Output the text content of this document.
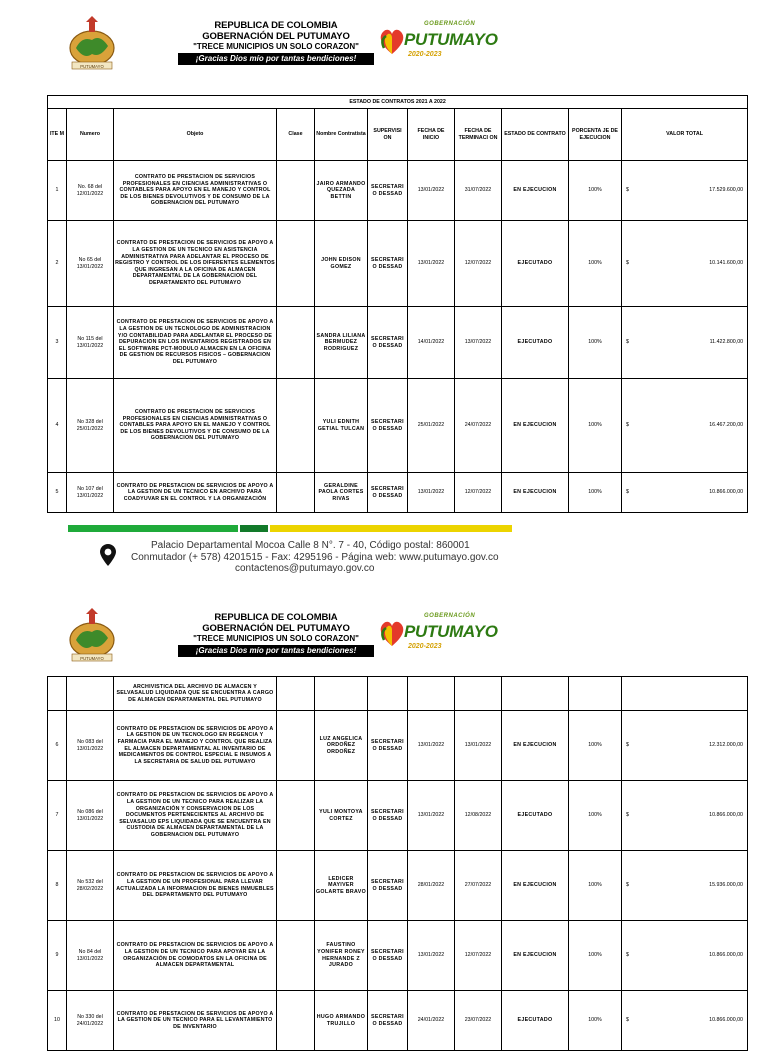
PUTUMAYO
REPUBLICA DE COLOMBIA
GOBERNACIÓN DEL PUTUMAYO
"TRECE MUNICIPIOS UN SOLO CORAZON"
¡Gracias Dios mío por tantas bendiciones!
GOBERNACIÓN
PUTUMAYO
2020-2023
ESTADO DE CONTRATOS 2021 A 2022										
ITE M	Numero	Objeto	Clase	Nombre Contratista	SUPERVISI ON	FECHA DE INICIO	FECHA DE TERMINACI ON	ESTADO DE CONTRATO	PORCENTA JE DE EJECUCION	VALOR TOTAL
1	No. 68 del 12/01/2022	CONTRATO DE PRESTACION DE SERVICIOS PROFESIONALES EN CIENCIAS ADMINISTRATIVAS O CONTABLES PARA APOYO EN EL MANEJO Y CONTROL DE LOS BIENES DEVOLUTIVOS Y DE CONSUMO DE LA GOBERNACION DEL PUTUMAYO		JAIRO ARMANDO QUEZADA BETTIN	SECRETARI O DESSAD	13/01/2022	31/07/2022	EN EJECUCION	100%	$ 17.529.600,00

2	No 65 del 13/01/2022	CONTRATO DE PRESTACION DE SERVICIOS DE APOYO A LA GESTION DE UN TECNICO EN ASISTENCIA ADMINISTRATIVA PARA ADELANTAR EL PROCESO DE REGISTRO Y CONTROL DE LOS DIFERENTES ELEMENTOS QUE INGRESAN A LA OFICINA DE ALMACEN DEPARTAMENTAL DE LA GOBERNACION DEL DEPARTAMENTO DEL PUTUMAYO		JOHN EDISON GOMEZ	SECRETARI O DESSAD	13/01/2022	12/07/2022	EJECUTADO	100%	$ 10.141.600,00

3	No 115 del 13/01/2022	CONTRATO DE PRESTACION DE SERVICIOS DE APOYO A LA GESTION DE UN TECNOLOGO DE ADMINISTRACION Y/O CONTABILIDAD PARA ADELANTAR EL PROCESO DE DEPURACION EN LOS INVENTARIOS REGISTRADOS EN EL SOFTWARE PCT-MODULO ALMACEN EN LA OFICINA DE GESTION DE RECURSOS FISICOS – GOBERNACION DEL PUTUMAYO		SANDRA LILIANA BERMUDEZ RODRIGUEZ	SECRETARI O DESSAD	14/01/2022	13/07/2022	EJECUTADO	100%	$ 11.422.800,00

4	No 328 del 25/01/2022	CONTRATO DE PRESTACION DE SERVICIOS PROFESIONALES EN CIENCIAS ADMINISTRATIVAS O CONTABLES PARA APOYO EN EL MANEJO Y CONTROL DE LOS BIENES DEVOLUTIVOS Y DE CONSUMO DE LA GOBERNACION DEL PUTUMAYO		YULI EDNITH GETIAL TULCAN	SECRETARI O DESSAD	25/01/2022	24/07/2022	EN EJECUCION	100%	$ 16.467.200,00

5	No 107 del 13/01/2022	CONTRATO DE PRESTACION DE SERVICIOS DE APOYO A LA GESTION DE UN TECNICO EN ARCHIVO PARA COADYUVAR EN EL CONTROL Y LA ORGANIZACIÓN		GERALDINE PAOLA CORTES RIVAS	SECRETARI O DESSAD	13/01/2022	12/07/2022	EN EJECUCION	100%	$ 10.866.000,00
Palacio Departamental Mocoa Calle 8 N°. 7 - 40, Código postal: 860001
Conmutador (+ 578) 4201515 - Fax: 4295196 - Página web: www.putumayo.gov.co
contactenos@putumayo.gov.co
PUTUMAYO
REPUBLICA DE COLOMBIA
GOBERNACIÓN DEL PUTUMAYO
"TRECE MUNICIPIOS UN SOLO CORAZON"
¡Gracias Dios mío por tantas bendiciones!
GOBERNACIÓN
PUTUMAYO
2020-2023
		ARCHIVISTICA DEL ARCHIVO DE ALMACEN Y SELVASALUD LIQUIDADA QUE SE ENCUENTRA A CARGO DE ALMACEN DEPARTAMENTAL DEL PUTUMAYO								
6	No 083 del 13/01/2022	CONTRATO DE PRESTACION DE SERVICIOS DE APOYO A LA GESTION DE UN TECNOLOGO EN REGENCIA Y FARMACIA PARA EL MANEJO Y CONTROL QUE REALIZA EL ALMACEN DEPARTAMENTAL AL INVENTARIO DE MEDICAMENTOS DE CONTROL ESPECIAL E INSUMOS A LA SECRETARIA DE SALUD DEL PUTUMAYO		LUZ ANGELICA ORDOÑEZ ORDOÑEZ	SECRETARI O DESSAD	13/01/2022	13/01/2022	EN EJECUCION	100%	$ 12.312.000,00

7	No 086 del 13/01/2022	CONTRATO DE PRESTACION DE SERVICIOS DE APOYO A LA GESTION DE UN TECNICO PARA REALIZAR LA ORGANIZACIÓN Y CONSERVACION DE LOS DOCUMENTOS PERTENECIENTES AL ARCHIVO DE SELVASALUD EPS LIQUIDADA QUE SE ENCUENTRA EN CUSTODIA DE ALMACEN DEPARTAMENTAL DE LA GOBERNACION DEL PUTUMAYO		YULI MONTOYA CORTEZ	SECRETARI O DESSAD	13/01/2022	12/08/2022	EJECUTADO	100%	$ 10.866.000,00

8	No 532 del 28/02/2022	CONTRATO DE PRESTACION DE SERVICIOS DE APOYO A LA GESTION DE UN PROFESIONAL PARA LLEVAR ACTUALIZADA LA INFORMACION DE BIENES INMUEBLES DEL DEPARTAMENTO DEL PUTUMAYO		LEDICER MAYIVER GOLARTE BRAVO	SECRETARI O DESSAD	28/01/2022	27/07/2022	EN EJECUCION	100%	$ 15.936.000,00

9	No 84 del 13/01/2022	CONTRATO DE PRESTACION DE SERVICIOS DE APOYO A LA GESTION DE UN TECNICO PARA APOYAR EN LA ORGANIZACIÓN DE COMODATOS EN LA OFICINA DE ALMACEN DEPARTAMENTAL		FAUSTINO YONIFER RONEY HERNANDE Z JURADO	SECRETARI O DESSAD	13/01/2022	12/07/2022	EN EJECUCION	100%	$ 10.866.000,00

10	No 330 del 24/01/2022	CONTRATO DE PRESTACION DE SERVICIOS DE APOYO A LA GESTION DE UN TECNICO PARA EL LEVANTAMIENTO DE INVENTARIO		HUGO ARMANDO TRUJILLO	SECRETARI O DESSAD	24/01/2022	23/07/2022	EJECUTADO	100%	$ 10.866.000,00
